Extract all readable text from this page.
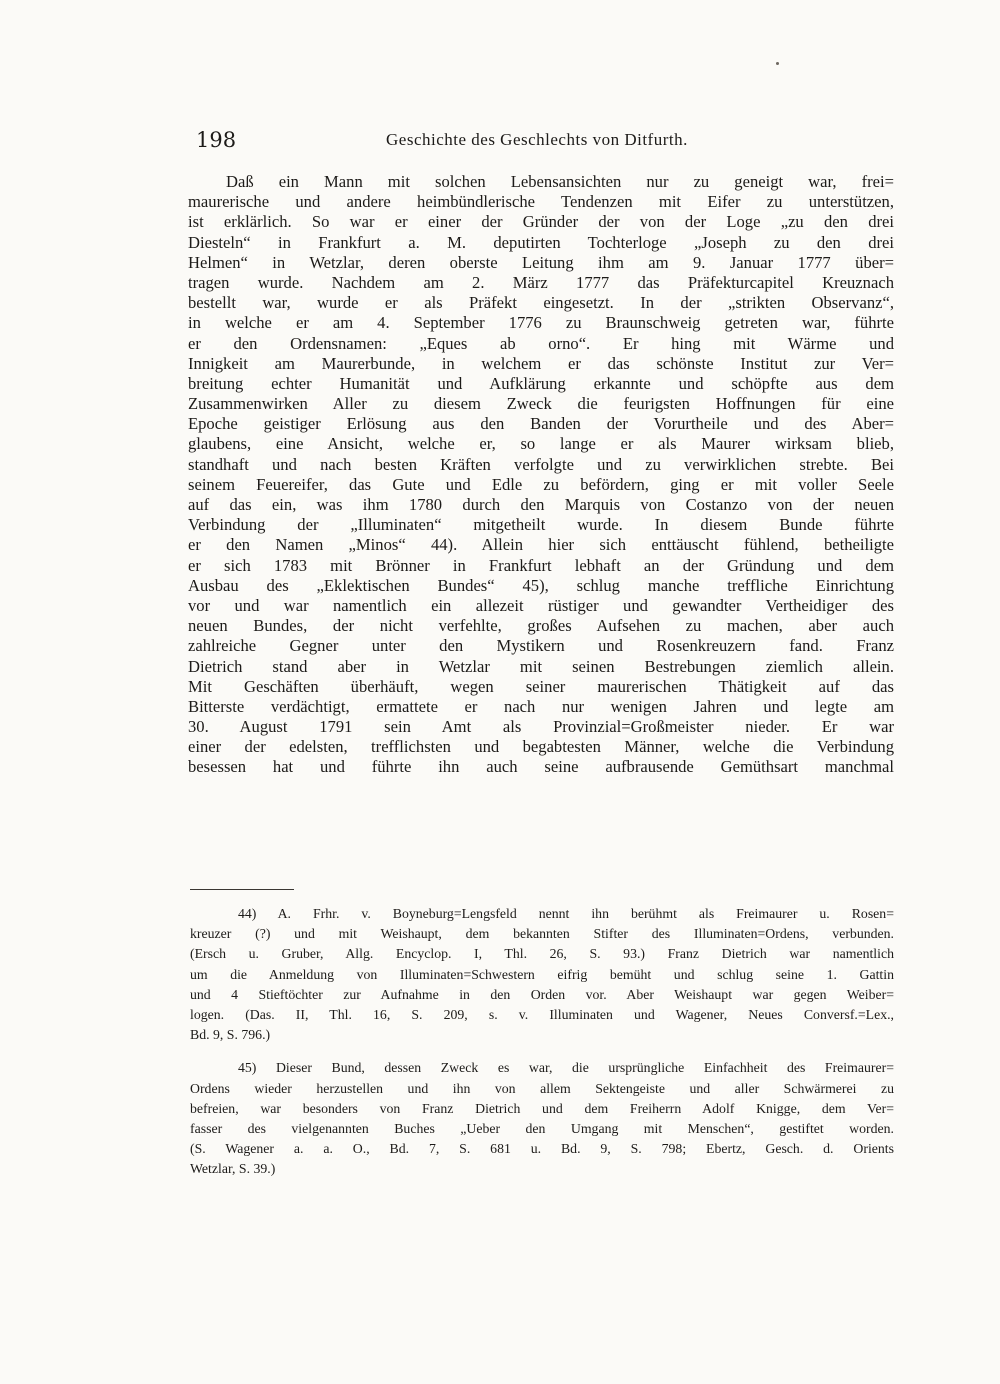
198	Geschichte des Geschlechts von Ditfurth.
Daß ein Mann mit solchen Lebensansichten nur zu geneigt war, frei=
maurerische und andere heimbündlerische Tendenzen mit Eifer zu unterstützen,
ist erklärlich. So war er einer der Gründer der von der Loge „zu den drei
Diesteln“ in Frankfurt a. M. deputirten Tochterloge „Joseph zu den drei
Helmen“ in Wetzlar, deren oberste Leitung ihm am 9. Januar 1777 über=
tragen wurde. Nachdem am 2. März 1777 das Präfekturcapitel Kreuznach
bestellt war, wurde er als Präfekt eingesetzt. In der „strikten Observanz“,
in welche er am 4. September 1776 zu Braunschweig getreten war, führte
er den Ordensnamen: „Eques ab orno“. Er hing mit Wärme und
Innigkeit am Maurerbunde, in welchem er das schönste Institut zur Ver=
breitung echter Humanität und Aufklärung erkannte und schöpfte aus dem
Zusammenwirken Aller zu diesem Zweck die feurigsten Hoffnungen für eine
Epoche geistiger Erlösung aus den Banden der Vorurtheile und des Aber=
glaubens, eine Ansicht, welche er, so lange er als Maurer wirksam blieb,
standhaft und nach besten Kräften verfolgte und zu verwirklichen strebte. Bei
seinem Feuereifer, das Gute und Edle zu befördern, ging er mit voller Seele
auf das ein, was ihm 1780 durch den Marquis von Costanzo von der neuen
Verbindung der „Illuminaten“ mitgetheilt wurde. In diesem Bunde führte
er den Namen „Minos“ 44). Allein hier sich enttäuscht fühlend, betheiligte
er sich 1783 mit Brönner in Frankfurt lebhaft an der Gründung und dem
Ausbau des „Eklektischen Bundes“ 45), schlug manche treffliche Einrichtung
vor und war namentlich ein allezeit rüstiger und gewandter Vertheidiger des
neuen Bundes, der nicht verfehlte, großes Aufsehen zu machen, aber auch
zahlreiche Gegner unter den Mystikern und Rosenkreuzern fand. Franz
Dietrich stand aber in Wetzlar mit seinen Bestrebungen ziemlich allein.
Mit Geschäften überhäuft, wegen seiner maurerischen Thätigkeit auf das
Bitterste verdächtigt, ermattete er nach nur wenigen Jahren und legte am
30. August 1791 sein Amt als Provinzial=Großmeister nieder. Er war
einer der edelsten, trefflichsten und begabtesten Männer, welche die Verbindung
besessen hat und führte ihn auch seine aufbrausende Gemüthsart manchmal
44) A. Frhr. v. Boyneburg=Lengsfeld nennt ihn berühmt als Freimaurer u. Rosen=
kreuzer (?) und mit Weishaupt, dem bekannten Stifter des Illuminaten=Ordens, verbunden.
(Ersch u. Gruber, Allg. Encyclop. I, Thl. 26, S. 93.) Franz Dietrich war namentlich
um die Anmeldung von Illuminaten=Schwestern eifrig bemüht und schlug seine 1. Gattin
und 4 Stieftöchter zur Aufnahme in den Orden vor. Aber Weishaupt war gegen Weiber=
logen. (Das. II, Thl. 16, S. 209, s. v. Illuminaten und Wagener, Neues Conversf.=Lex.,
Bd. 9, S. 796.)
45) Dieser Bund, dessen Zweck es war, die ursprüngliche Einfachheit des Freimaurer=
Ordens wieder herzustellen und ihn von allem Sektengeiste und aller Schwärmerei zu
befreien, war besonders von Franz Dietrich und dem Freiherrn Adolf Knigge, dem Ver=
fasser des vielgenannten Buches „Ueber den Umgang mit Menschen“, gestiftet worden.
(S. Wagener a. a. O., Bd. 7, S. 681 u. Bd. 9, S. 798; Ebertz, Gesch. d. Orients
Wetzlar, S. 39.)
